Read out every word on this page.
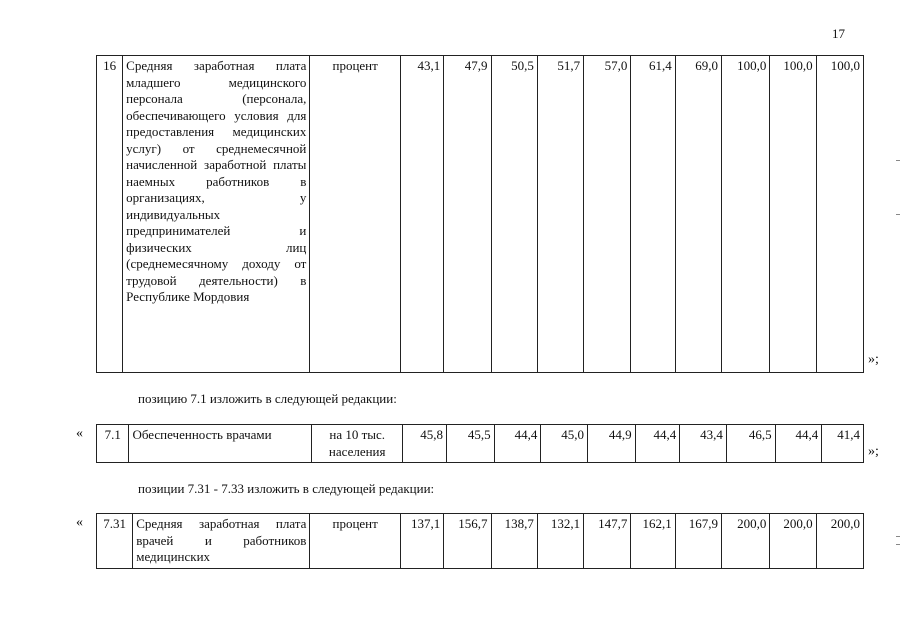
17
16	Средняя заработная плата младшего медицинского персонала (персонала, обеспечивающего условия для предоставления медицинских услуг) от среднемесячной начисленной заработной платы наемных работников в организациях, у индивидуальных предпринимателей и физических лиц (среднемесячному доходу от трудовой деятельности) в Республике Мордовия	процент	43,1	47,9	50,5	51,7	57,0	61,4	69,0	100,0	100,0	100,0
»;
позицию 7.1 изложить в следующей редакции:
« 7.1	Обеспеченность врачами	на 10 тыс. населения	45,8	45,5	44,4	45,0	44,9	44,4	43,4	46,5	44,4	41,4
»;
позиции 7.31 - 7.33 изложить в следующей редакции:
« 7.31	Средняя заработная плата врачей и работников медицинских	процент	137,1	156,7	138,7	132,1	147,7	162,1	167,9	200,0	200,0	200,0
